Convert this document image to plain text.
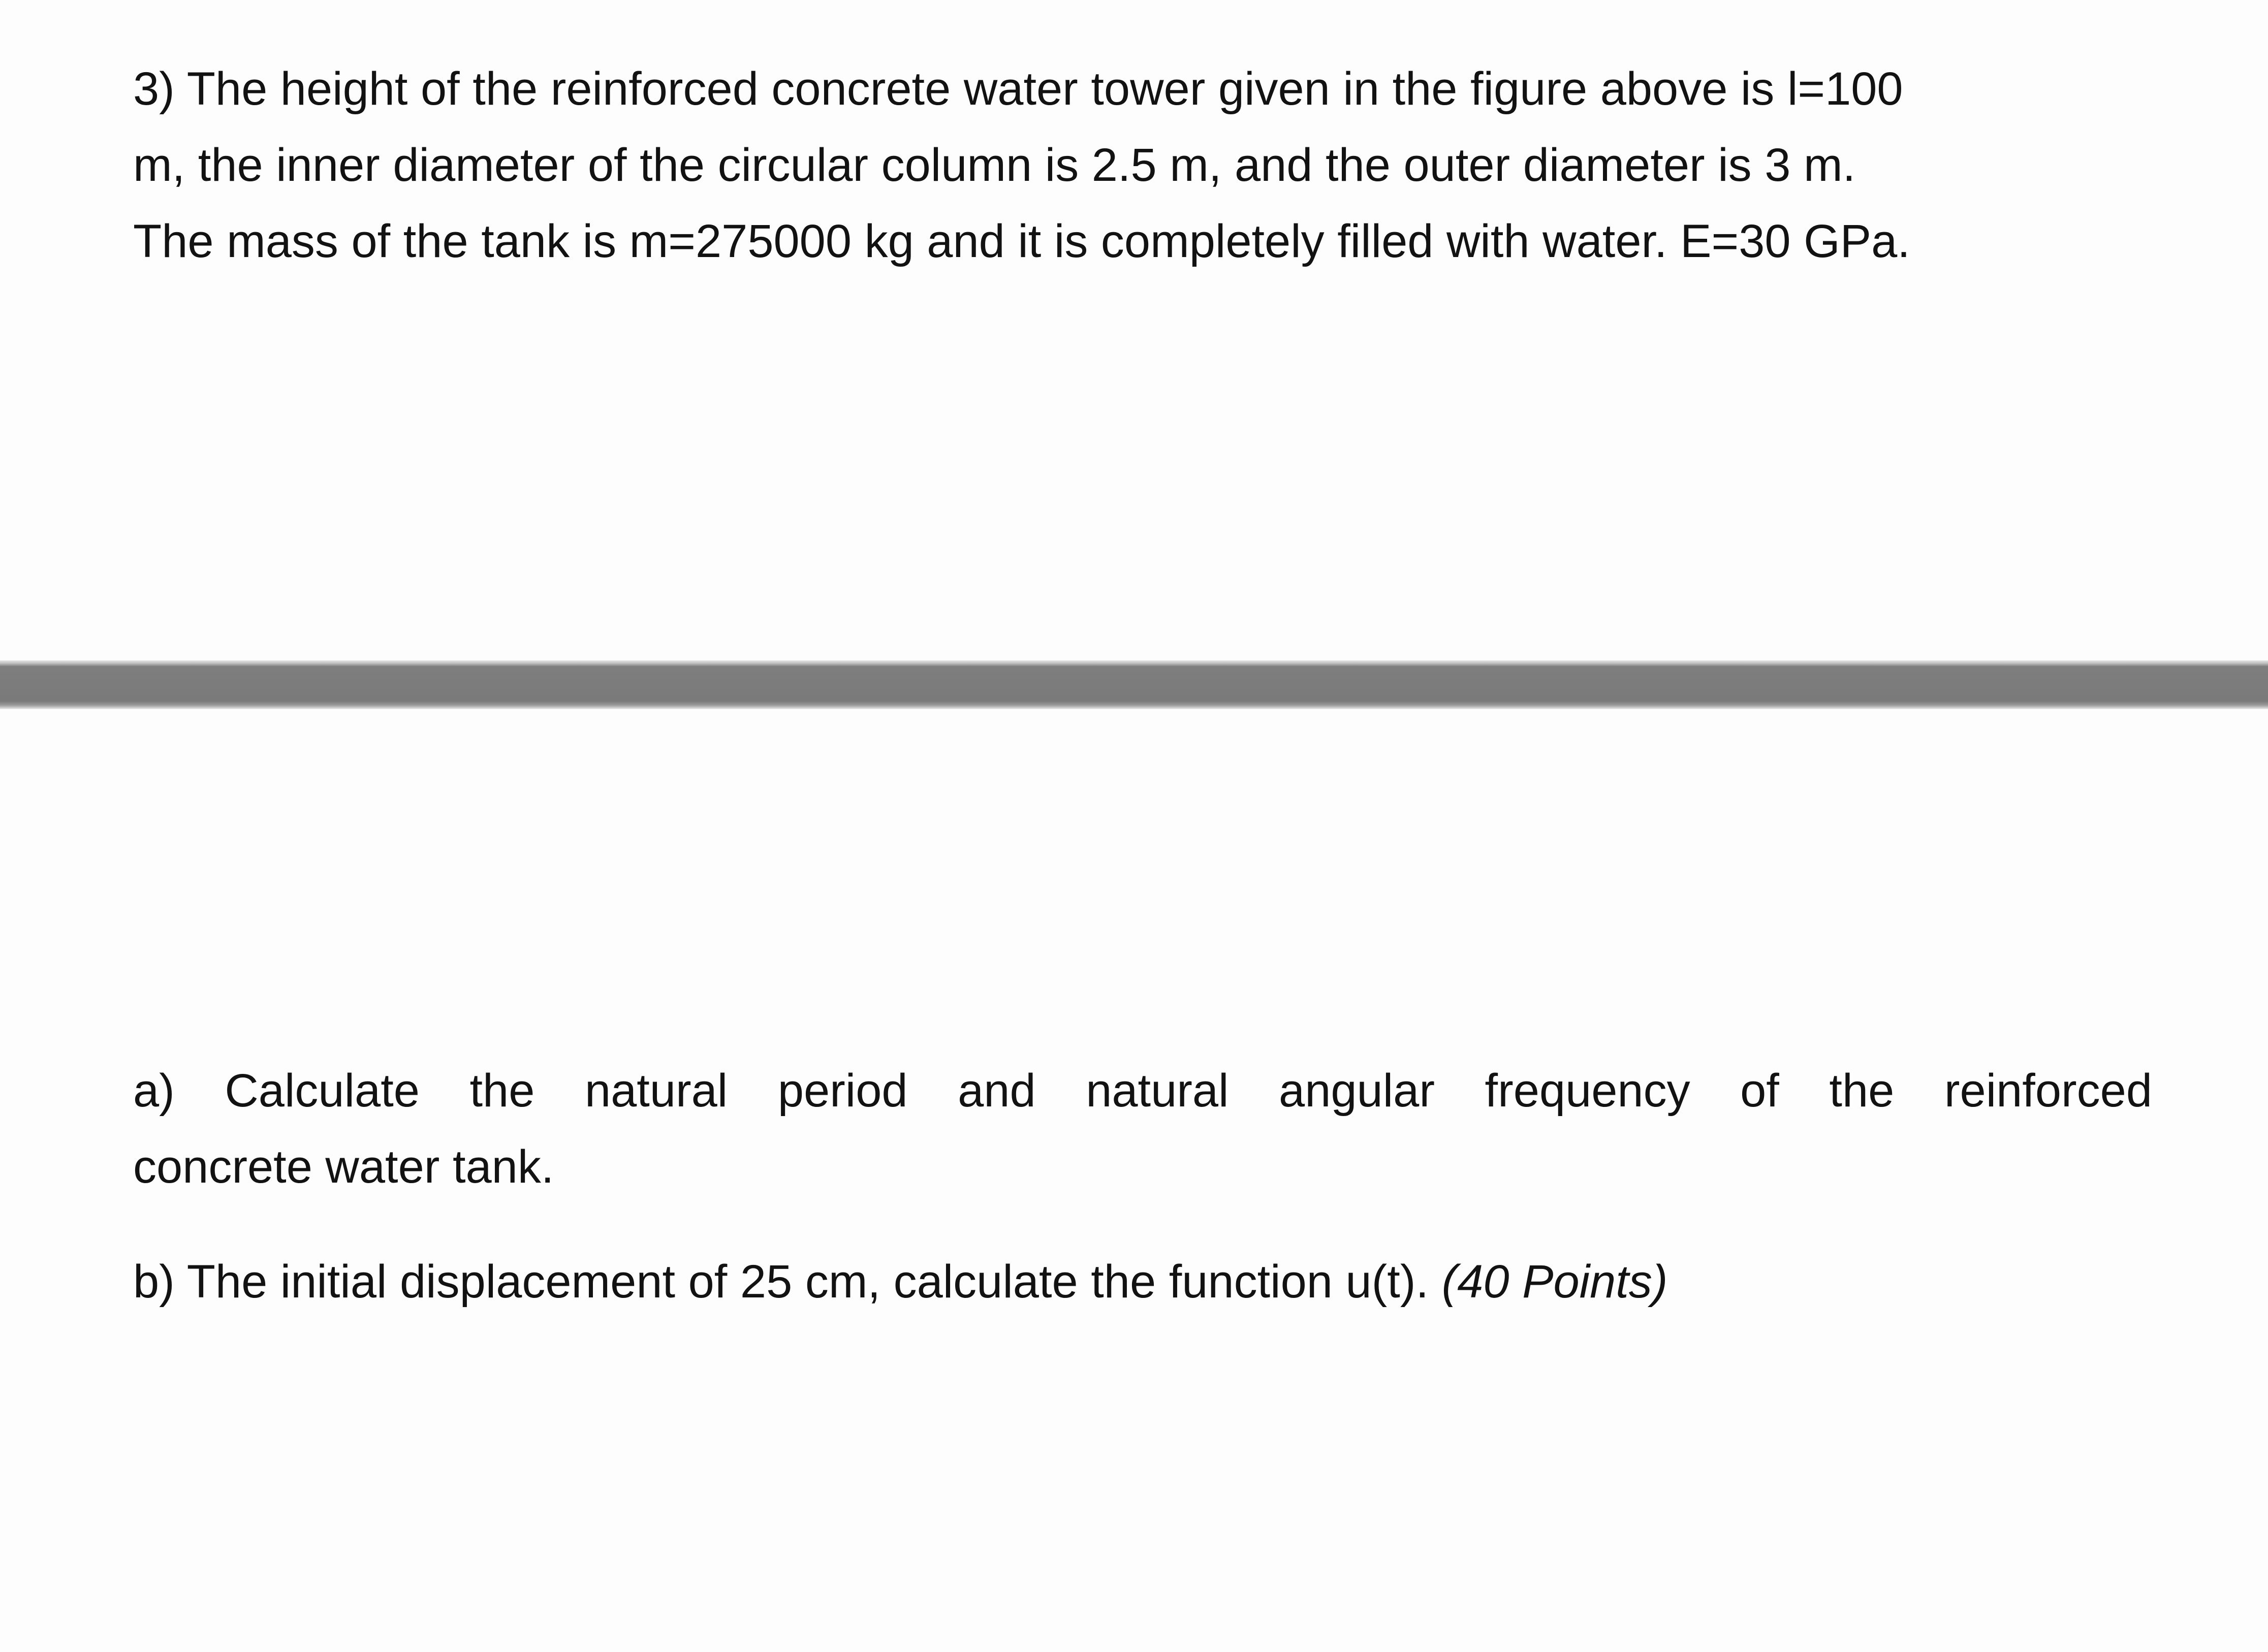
3) The height of the reinforced concrete water tower given in the figure above is l=100
m, the inner diameter of the circular column is 2.5 m, and the outer diameter is 3 m.
The mass of the tank is m=275000 kg and it is completely filled with water. E=30 GPa.

a) Calculate the natural period and natural angular frequency of the reinforced
concrete water tank.

b) The initial displacement of 25 cm, calculate the function u(t). (40 Points)
